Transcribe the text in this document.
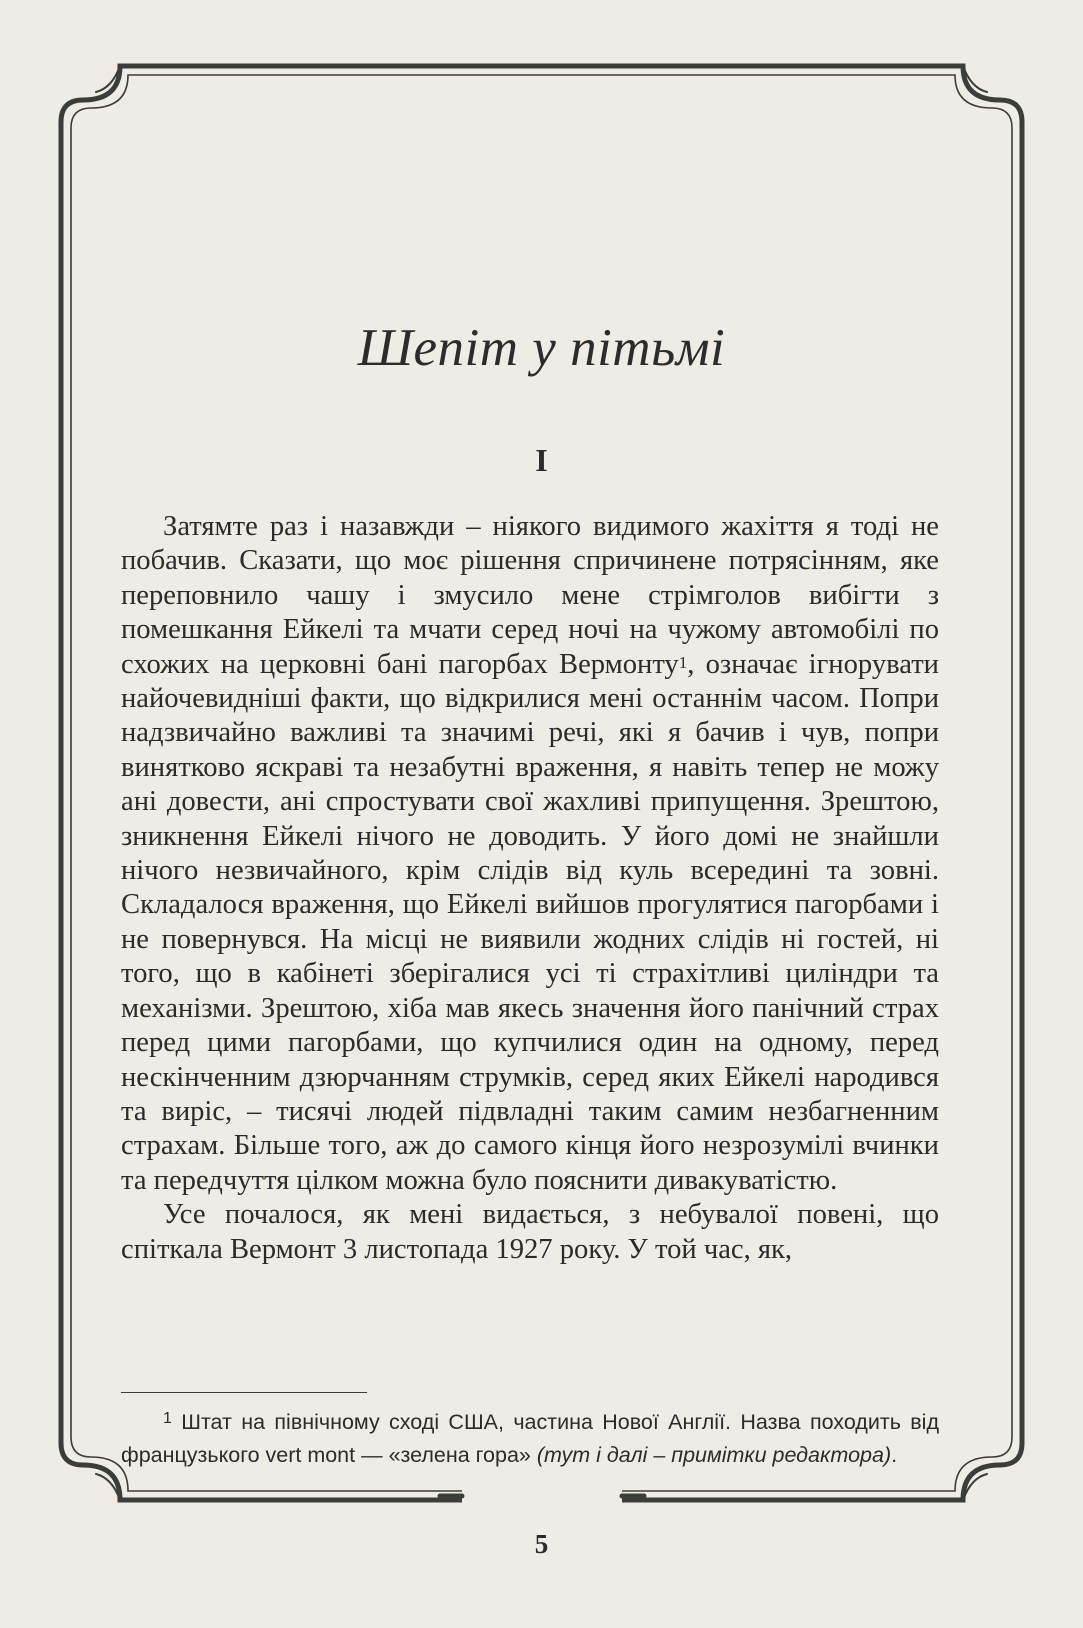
Шепіт у пітьмі
I

Затямте раз і назавжди – ніякого видимого жахіття я тоді не побачив. Сказати, що моє рішення спричинене потрясінням, яке переповнило чашу і змусило мене стрімголов вибігти з помешкання Ейкелі та мчати серед ночі на чужому автомобілі по схожих на церковні бані пагорбах Вермонту$^1$, означає ігнорувати найочевидніші факти, що відкрилися мені останнім часом. Попри надзвичайно важливі та значимі речі, які я бачив і чув, попри винятково яскраві та незабутні враження, я навіть тепер не можу ані довести, ані спростувати свої жахливі припущення. Зрештою, зникнення Ейкелі нічого не доводить. У його домі не знайшли нічого незвичайного, крім слідів від куль всередині та зовні. Складалося враження, що Ейкелі вийшов прогулятися пагорбами і не повернувся. На місці не виявили жодних слідів ні гостей, ні того, що в кабінеті зберігалися усі ті страхітливі циліндри та механізми. Зрештою, хіба мав якесь значення його панічний страх перед цими пагорбами, що купчилися один на одному, перед нескінченним дзюрчанням струмків, серед яких Ейкелі народився та виріс, – тисячі людей підвладні таким самим незбагненним страхам. Більше того, аж до самого кінця його незрозумілі вчинки та передчуття цілком можна було пояснити дивакуватістю.

Усе почалося, як мені видається, з небувалої повені, що спіткала Вермонт 3 листопада 1927 року. У той час, як,

$^1$ Штат на північному сході США, частина Нової Англії. Назва походить від французького vert mont — «зелена гора» (тут і далі – примітки редактора).

5
